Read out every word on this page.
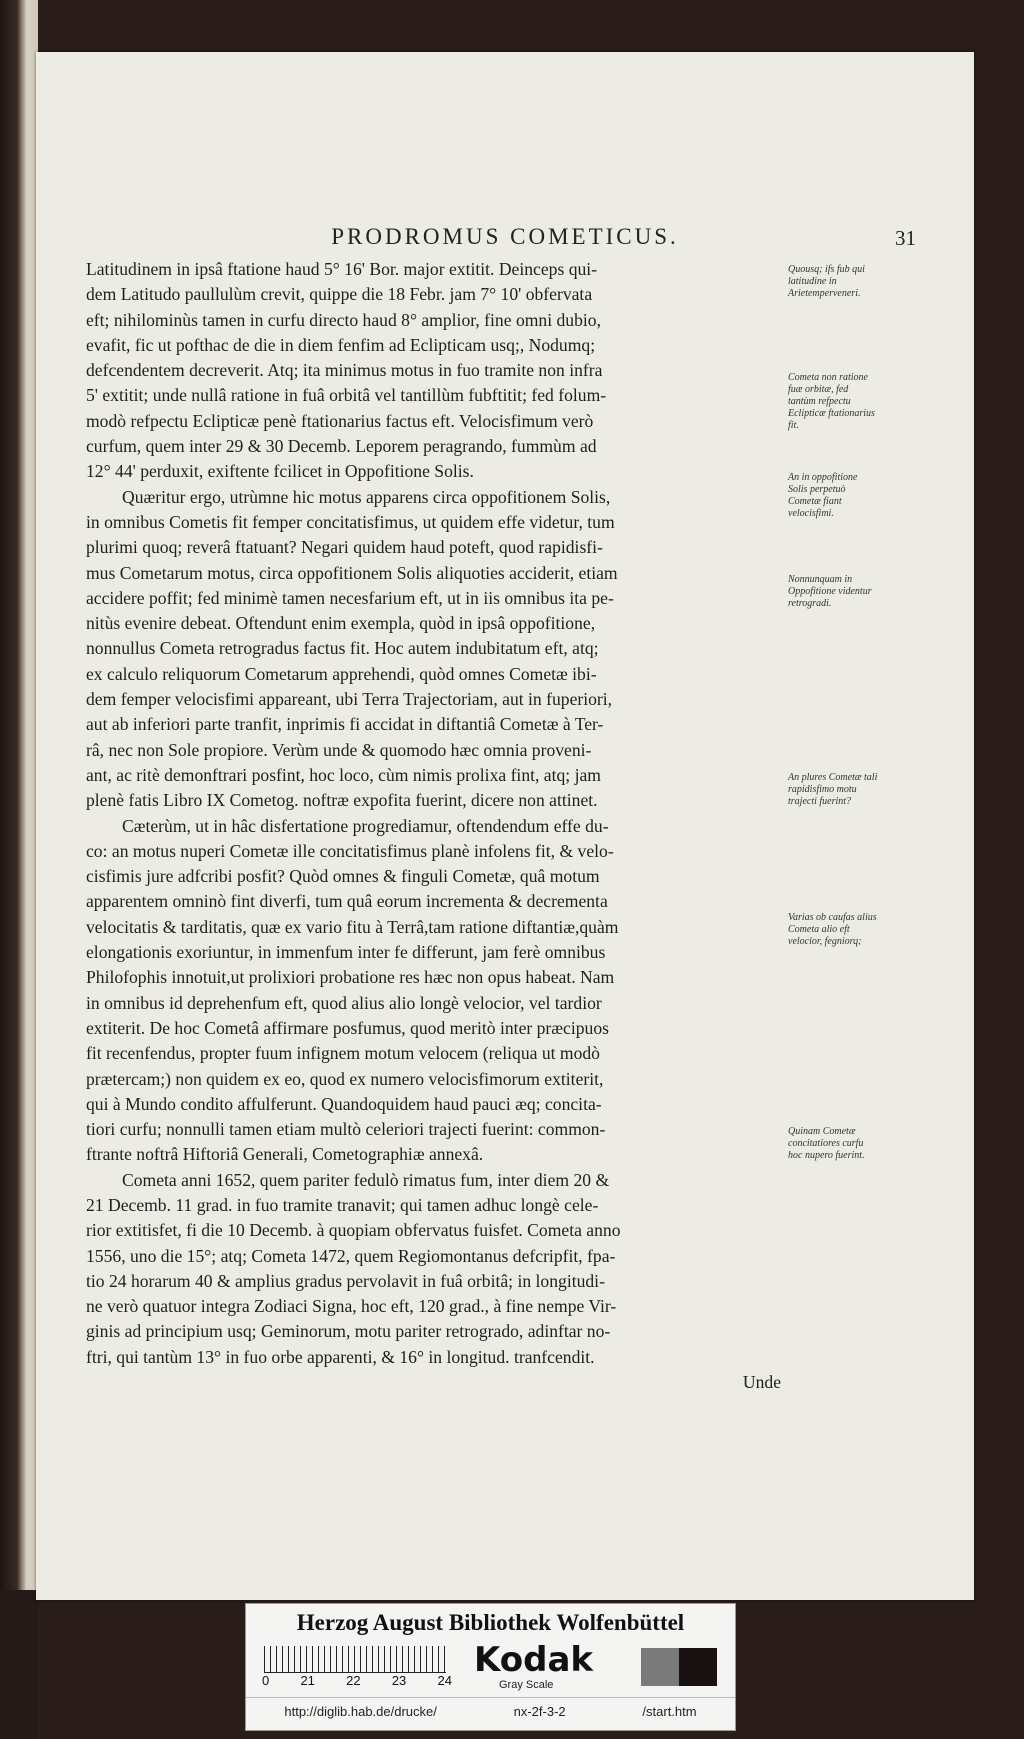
PRODROMUS COMETICUS.	31

Latitudinem in ipsâ ftatione haud 5° 16' Bor. major extitit. Deinceps qui-
dem Latitudo paullulùm crevit, quippe die 18 Febr. jam 7° 10' obfervata
eft; nihilominùs tamen in curfu directo haud 8° amplior, fine omni dubio,
evafit, fic ut pofthac de die in diem fenfim ad Eclipticam usq;, Nodumq;
defcendentem decreverit. Atq; ita minimus motus in fuo tramite non infra
5' extitit; unde nullâ ratione in fuâ orbitâ vel tantillùm fubftitit; fed folum-
modò refpectu Eclipticæ penè ftationarius factus eft. Velocisfimum verò
curfum, quem inter 29 & 30 Decemb. Leporem peragrando, fummùm ad
12° 44' perduxit, exiftente fcilicet in Oppofitione Solis.

Quæritur ergo, utrùmne hic motus apparens circa oppofitionem Solis,
in omnibus Cometis fit femper concitatisfimus, ut quidem effe videtur, tum
plurimi quoq; reverâ ftatuant? Negari quidem haud poteft, quod rapidisfi-
mus Cometarum motus, circa oppofitionem Solis aliquoties acciderit, etiam
accidere poffit; fed minimè tamen necesfarium eft, ut in iis omnibus ita pe-
nitùs evenire debeat. Oftendunt enim exempla, quòd in ipsâ oppofitione,
nonnullus Cometa retrogradus factus fit. Hoc autem indubitatum eft, atq;
ex calculo reliquorum Cometarum apprehendi, quòd omnes Cometæ ibi-
dem femper velocisfimi appareant, ubi Terra Trajectoriam, aut in fuperiori,
aut ab inferiori parte tranfit, inprimis fi accidat in diftantiâ Cometæ à Ter-
râ, nec non Sole propiore. Verùm unde & quomodo hæc omnia proveni-
ant, ac ritè demonftrari posfint, hoc loco, cùm nimis prolixa fint, atq; jam
plenè fatis Libro IX Cometog. noftræ expofita fuerint, dicere non attinet.

Cæterùm, ut in hâc disfertatione progrediamur, oftendendum effe du-
co: an motus nuperi Cometæ ille concitatisfimus planè infolens fit, & velo-
cisfimis jure adfcribi posfit? Quòd omnes & finguli Cometæ, quâ motum
apparentem omninò fint diverfi, tum quâ eorum incrementa & decrementa
velocitatis & tarditatis, quæ ex vario fitu à Terrâ,tam ratione diftantiæ,quàm
elongationis exoriuntur, in immenfum inter fe differunt, jam ferè omnibus
Philofophis innotuit,ut prolixiori probatione res hæc non opus habeat. Nam
in omnibus id deprehenfum eft, quod alius alio longè velocior, vel tardior
extiterit. De hoc Cometâ affirmare posfumus, quod meritò inter præcipuos
fit recenfendus, propter fuum infignem motum velocem (reliqua ut modò
prætercam;) non quidem ex eo, quod ex numero velocisfimorum extiterit,
qui à Mundo condito affulferunt. Quandoquidem haud pauci æq; concita-
tiori curfu; nonnulli tamen etiam multò celeriori trajecti fuerint: common-
ftrante noftrâ Hiftoriâ Generali, Cometographiæ annexâ.

Cometa anni 1652, quem pariter fedulò rimatus fum, inter diem 20 &
21 Decemb. 11 grad. in fuo tramite tranavit; qui tamen adhuc longè cele-
rior extitisfet, fi die 10 Decemb. à quopiam obfervatus fuisfet. Cometa anno
1556, uno die 15°; atq; Cometa 1472, quem Regiomontanus defcripfit, fpa-
tio 24 horarum 40 & amplius gradus pervolavit in fuâ orbitâ; in longitudi-
ne verò quatuor integra Zodiaci Signa, hoc eft, 120 grad., à fine nempe Vir-
ginis ad principium usq; Geminorum, motu pariter retrogrado, adinftar no-
ftri, qui tantùm 13° in fuo orbe apparenti, & 16° in longitud. tranfcendit.

Unde
Quousq; ifs fub qui latitudine in Arietemperveneri.
Cometa non ratione fuæ orbitæ, fed tantùm refpectu Eclipticæ ftationarius fit.
An in oppofitione Solis perpetuò Cometæ fiant velocisfimi.
Nonnunquam in Oppofitione videntur retrogradi.
An plures Cometæ tali rapidisfimo motu trajecti fuerint?
Varias ob caufas alius Cometa alio eft velocior, fegniorq;
Quinam Cometæ concitatiores curfu hoc nupero fuerint.
Herzog August Bibliothek Wolfenbüttel
0 21 22 23 24
Kodak
Gray Scale
http://diglib.hab.de/drucke/	nx-2f-3-2	/start.htm
